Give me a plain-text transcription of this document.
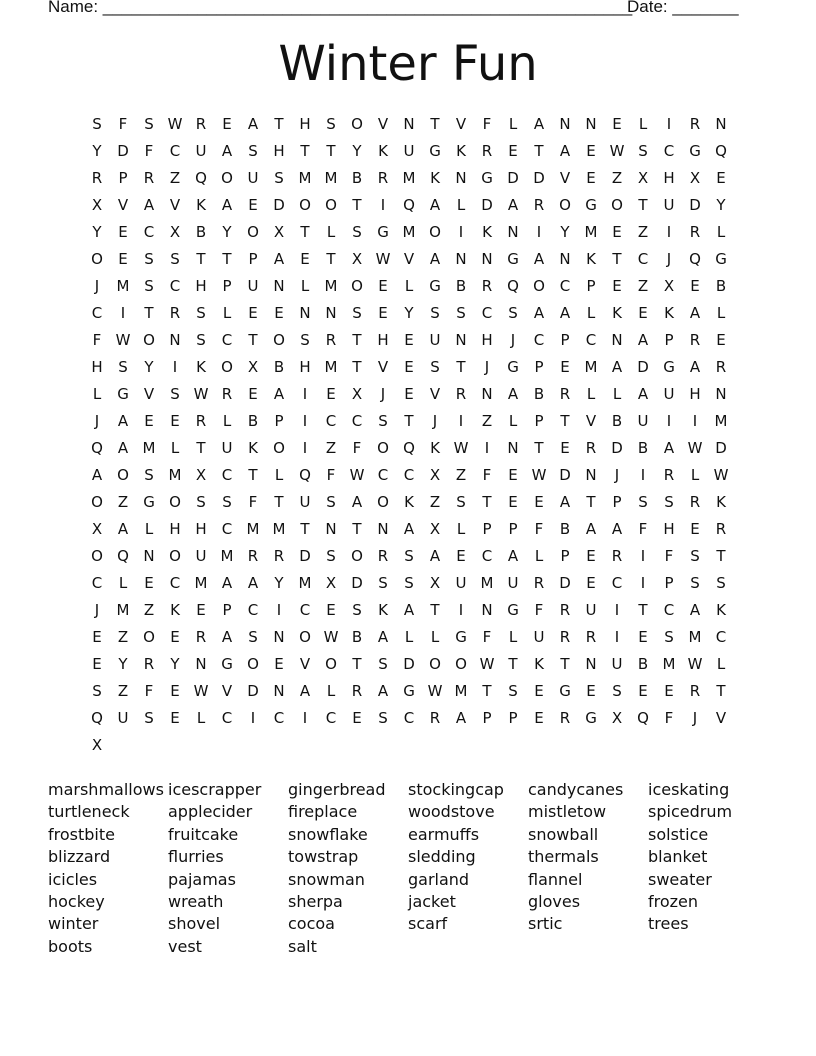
Name: ________________________________________________________
Date: _______
Winter Fun
S	F	S W R	E	A	T	H	S	O V	N	T	V	F	L	A	N N	E	L	I	R	N
Y	D	F	C	U	A	S	H	T	T	Y	K	U G	K	R	E	T	A	E W S	C G Q
R	P	R	Z Q O U	S M M B	R M K	N G D D	V	E	Z	X	H	X	E
X	V	A	V	K	A	E	D O O	T	I	Q A	L	D	A	R O G O	T	U D	Y
Y	E	C	X	B	Y	O X	T	L	S	G M O	I	K	N	I	Y M E	Z	I	R	L
O	E	S	S	T	T	P	A	E	T	X W V	A	N N G	A	N	K	T	C	J	Q G
J	M S	C	H	P	U N	L	M O	E	L	G	B	R Q O C	P	E	Z	X	E	B
C	I	T	R	S	L	E	E	N N	S	E	Y	S	S	C	S	A	A	L	K	E	K	A	L
F W O N	S	C	T	O	S	R	T	H	E	U N H	J	C	P	C	N	A	P	R	E
H	S	Y	I	K	O X	B	H M T	V	E	S	T	J	G	P	E M A	D G	A	R
L	G	V	S W R	E	A	I	E	X	J	E	V	R	N	A	B	R	L	L	A	U H N
J	A	E	E	R	L	B	P	I	C	C	S	T	J	I	Z	L	P	T	V	B	U	I	I	M
Q A M	L	T	U	K	O	I	Z	F	O Q	K W	I	N	T	E	R	D	B	A W D
A O	S M X	C	T	L	Q	F W C	C	X	Z	F	E W D N	J	I	R	L W
O Z	G O	S	S	F	T	U	S	A O	K	Z	S	T	E	E	A	T	P	S	S	R	K
X	A	L	H H	C M M T	N	T	N	A	X	L	P	P	F	B	A	A	F	H	E	R
O Q N O U M R	R	D	S	O R	S	A	E	C	A	L	P	E	R	I	F	S	T
C	L	E	C M A	A	Y M X	D	S	S	X	U M U	R	D	E	C	I	P	S	S
J	M Z	K	E	P	C	I	C	E	S	K	A	T	I	N G	F	R	U	I	T	C	A	K
E	Z O	E	R	A	S	N O W B	A	L	L	G	F	L	U	R	R	I	E	S M C
E	Y	R	Y	N G O	E	V O	T	S	D O O W T	K	T	N U	B M W L
S	Z	F	E W V	D N	A	L	R	A	G W M T	S	E	G	E	S	E	E	R	T
Q U	S	E	L	C	I	C	I	C	E	S	C	R	A	P	P	E	R G	X Q	F	J	V
X
marshmallows icescrapper	gingerbread	stockingcap	candycanes	iceskating
turtleneck	applecider	fireplace	woodstove	mistletow	spicedrum
frostbite	fruitcake	snowflake	earmuffs	snowball	solstice
blizzard	flurries	towstrap	sledding	thermals	blanket
icicles	pajamas	snowman	garland	flannel	sweater
hockey	wreath	sherpa	jacket	gloves	frozen
winter	shovel	cocoa	scarf	srtic	trees
boots	vest	salt
